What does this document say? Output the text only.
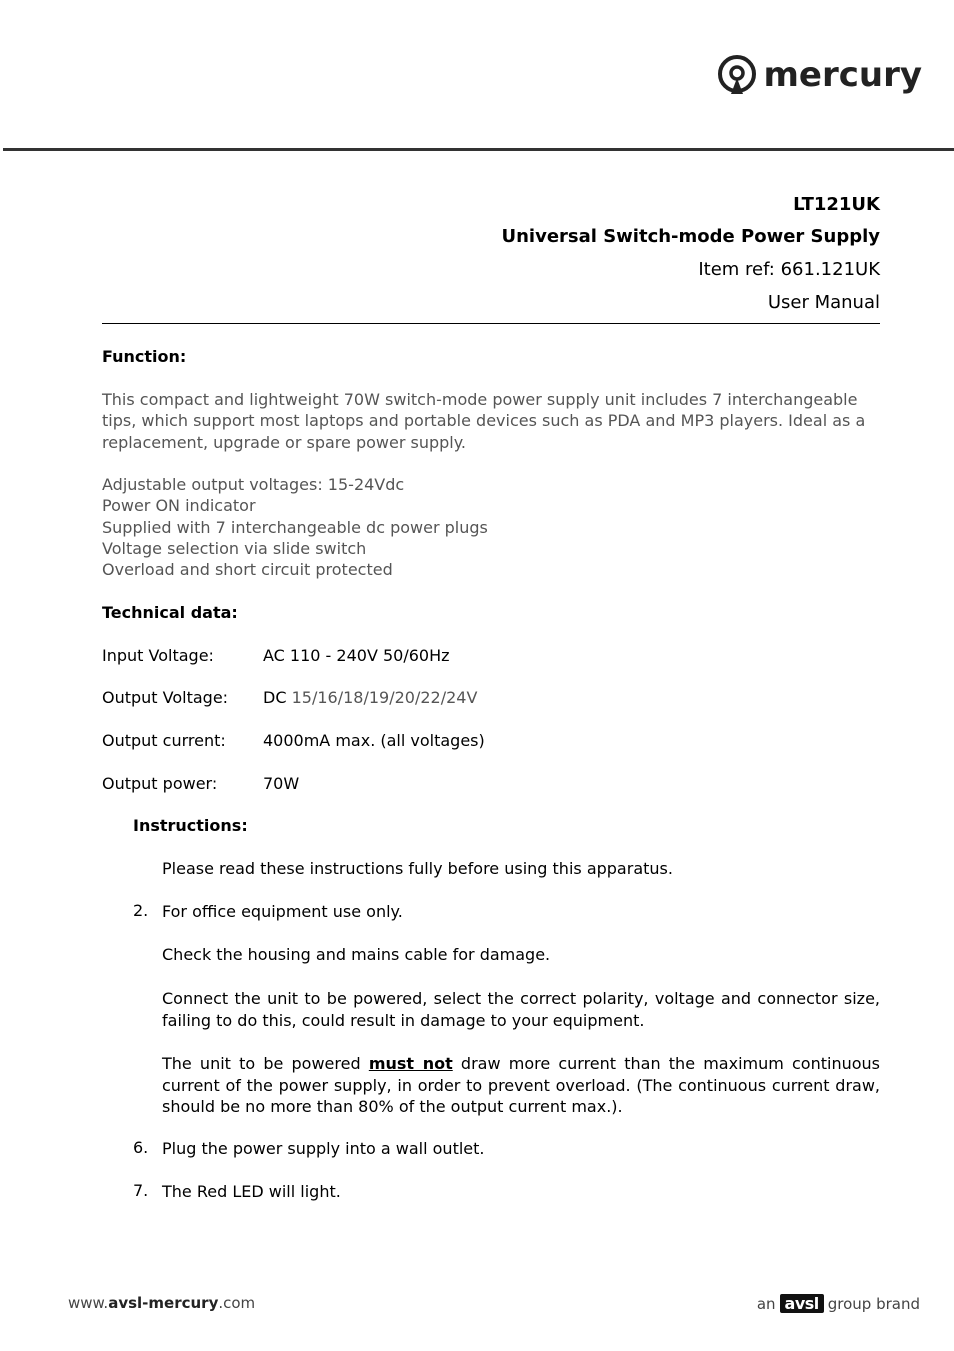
mercury
LT121UK
Universal Switch-mode Power Supply
Item ref: 661.121UK
User Manual
Function:
This compact and lightweight 70W switch-mode power supply unit includes 7 interchangeable tips, which support most laptops and portable devices such as PDA and MP3 players. Ideal as a replacement, upgrade or spare power supply.
Adjustable output voltages: 15-24Vdc
Power ON indicator
Supplied with 7 interchangeable dc power plugs
Voltage selection via slide switch
Overload and short circuit protected
Technical data:
Input Voltage:	AC 110 - 240V 50/60Hz
Output Voltage: DC 15/16/18/19/20/22/24V
Output current: 4000mA max. (all voltages)
Output power:	70W
Instructions:
Please read these instructions fully before using this apparatus.
2. For office equipment use only.
Check the housing and mains cable for damage.
Connect the unit to be powered, select the correct polarity, voltage and connector size, failing to do this, could result in damage to your equipment.
The unit to be powered must not draw more current than the maximum continuous current of the power supply, in order to prevent overload. (The continuous current draw, should be no more than 80% of the output current max.).
6. Plug the power supply into a wall outlet.
7. The Red LED will light.
www.avsl-mercury.com	an avsl group brand
